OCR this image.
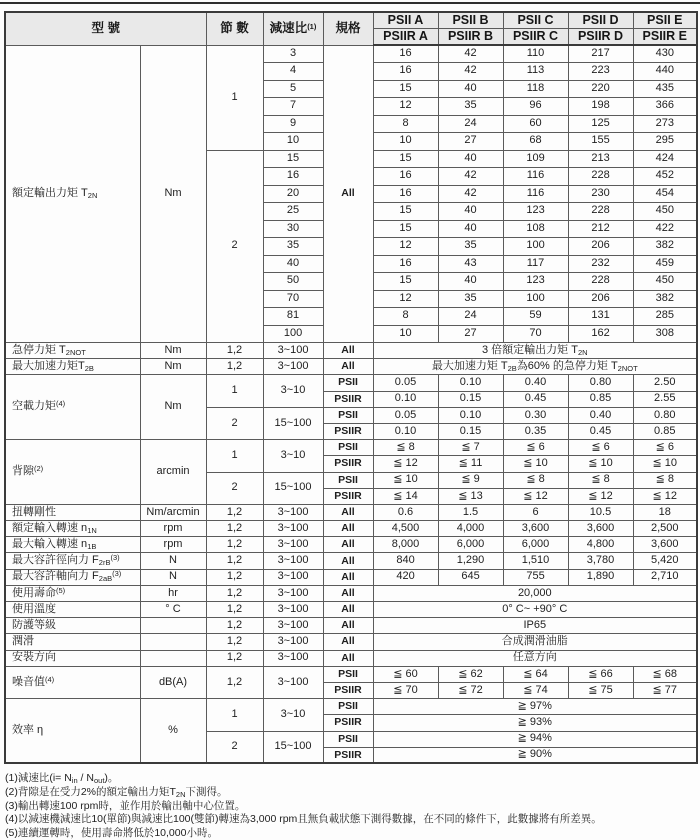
型 號		節 數	減速比$^{(1)}$	規格	PSII A	PSII B	PSII C	PSII D	PSII E
					PSIIR A	PSIIR B	PSIIR C	PSIIR D	PSIIR E
額定輸出力矩 $T_{2N}$	Nm	1	3	All	16	42	110	217	430
			4		16	42	113	223	440
			5		15	40	118	220	435
			7		12	35	96	198	366
			9		8	24	60	125	273
			10		10	27	68	155	295
		2	15		15	40	109	213	424
			16		16	42	116	228	452
			20		16	42	116	230	454
			25		15	40	123	228	450
			30		15	40	108	212	422
			35		12	35	100	206	382
			40		16	43	117	232	459
			50		15	40	123	228	450
			70		12	35	100	206	382
			81		8	24	59	131	285
			100		10	27	70	162	308
急停力矩 $T_{2NOT}$	Nm	1,2	3~100	All	3 倍額定輸出力矩 $T_{2N}$
最大加速力矩$T_{2B}$	Nm	1,2	3~100	All	最大加速力矩 $T_{2B}$為60% 的急停力矩 $T_{2NOT}$
空載力矩$^{(4)}$	Nm	1	3~10	PSII	0.05	0.10	0.40	0.80	2.50
				PSIIR	0.10	0.15	0.45	0.85	2.55
		2	15~100	PSII	0.05	0.10	0.30	0.40	0.80
				PSIIR	0.10	0.15	0.35	0.45	0.85
背隙$^{(2)}$	arcmin	1	3~10	PSII	≦ 8	≦ 7	≦ 6	≦ 6	≦ 6
				PSIIR	≦ 12	≦ 11	≦ 10	≦ 10	≦ 10
		2	15~100	PSII	≦ 10	≦ 9	≦ 8	≦ 8	≦ 8
				PSIIR	≦ 14	≦ 13	≦ 12	≦ 12	≦ 12
扭轉剛性	Nm/arcmin	1,2	3~100	All	0.6	1.5	6	10.5	18
額定輸入轉速 $n_{1N}$	rpm	1,2	3~100	All	4,500	4,000	3,600	3,600	2,500
最大輸入轉速 $n_{1B}$	rpm	1,2	3~100	All	8,000	6,000	6,000	4,800	3,600
最大容許徑向力 $F_{2rB}^{(3)}$	N	1,2	3~100	All	840	1,290	1,510	3,780	5,420
最大容許軸向力 $F_{2aB}^{(3)}$	N	1,2	3~100	All	420	645	755	1,890	2,710
使用壽命$^{(5)}$	hr	1,2	3~100	All	20,000				
使用溫度	° C	1,2	3~100	All	0° C~ +90° C				
防護等級		1,2	3~100	All	IP65				
潤滑		1,2	3~100	All	合成潤滑油脂				
安裝方向		1,2	3~100	All	任意方向				
噪音值$^{(4)}$	dB(A)	1,2	3~100	PSII	≦ 60	≦ 62	≦ 64	≦ 66	≦ 68
				PSIIR	≦ 70	≦ 72	≦ 74	≦ 75	≦ 77
效率 η	%	1	3~10	PSII	≧ 97%				
				PSIIR	≧ 93%				
		2	15~100	PSII	≧ 94%				
				PSIIR	≧ 90%				
(1)減速比$(i= N_{in} / N_{out})$。
(2)背隙是在受力2%的額定輸出力矩$T_{2N}$下測得。
(3)輸出轉速100 rpm時，並作用於輸出軸中心位置。
(4)以減速機減速比10(單節)與減速比100(雙節)轉速為3,000 rpm且無負載狀態下測得數據，在不同的條件下，此數據將有所差異。
(5)連續運轉時，使用壽命將低於10,000小時。
